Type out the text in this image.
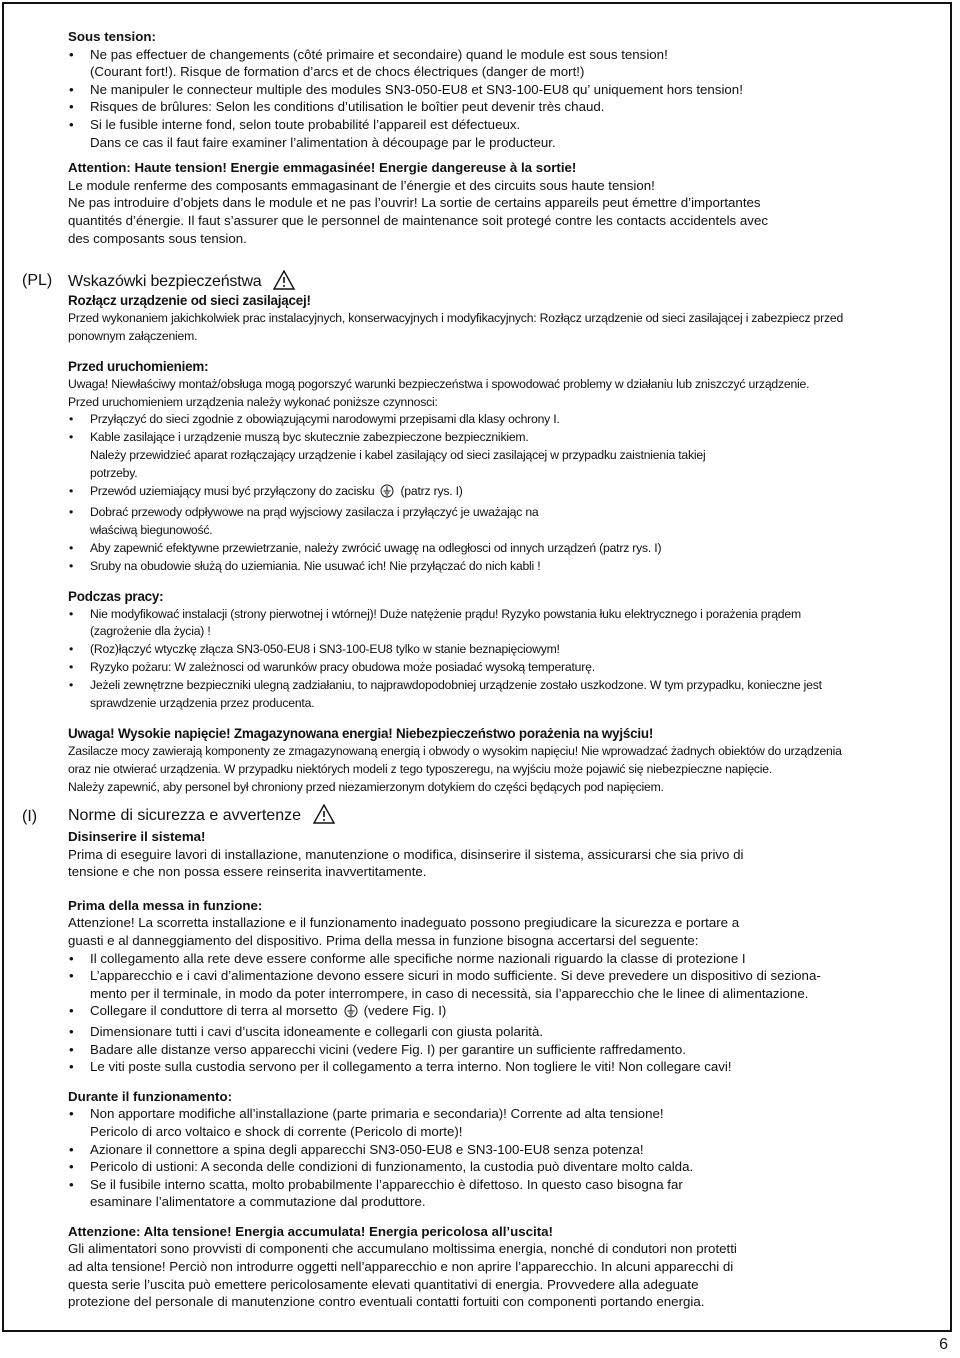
Sous tension:

• Ne pas effectuer de changements (côté primaire et secondaire) quand le module est sous tension!
(Courant fort!). Risque de formation d’arcs et de chocs électriques (danger de mort!)
• Ne manipuler le connecteur multiple des modules SN3-050-EU8 et SN3-100-EU8 qu’ uniquement hors tension!
• Risques de brûlures: Selon les conditions d’utilisation le boîtier peut devenir très chaud.
• Si le fusible interne fond, selon toute probabilité l’appareil est défectueux.
Dans ce cas il faut faire examiner l’alimentation à découpage par le producteur.

Attention: Haute tension! Energie emmagasinée! Energie dangereuse à la sortie!

Le module renferme des composants emmagasinant de l’énergie et des circuits sous haute tension!

Ne pas introduire d’objets dans le module et ne pas l’ouvrir! La sortie de certains appareils peut émettre d’importantes

quantités d’énergie. Il faut s’assurer que le personnel de maintenance soit protegé contre les contacts accidentels avec

des composants sous tension.

(PL) Wskazówki bezpieczeństwa

Rozłącz urządzenie od sieci zasilającej!

Przed wykonaniem jakichkolwiek prac instalacyjnych, konserwacyjnych i modyfikacyjnych: Rozłącz urządzenie od sieci zasilającej i zabezpiecz przed

ponownym załączeniem.

Przed uruchomieniem:

Uwaga! Niewłaściwy montaż/obsługa mogą pogorszyć warunki bezpieczeństwa i spowodować problemy w działaniu lub zniszczyć urządzenie.

Przed uruchomieniem urządzenia należy wykonać poniższe czynnosci:

• Przyłączyć do sieci zgodnie z obowiązującymi narodowymi przepisami dla klasy ochrony I.
• Kable zasilające i urządzenie muszą byc skutecznie zabezpieczone bezpiecznikiem.
Należy przewidzieć aparat rozłączający urządzenie i kabel zasilający od sieci zasilającej w przypadku zaistnienia takiej
potrzeby.
• Przewód uziemiający musi być przyłączony do zacisku (patrz rys. I)
• Dobrać przewody odpływowe na prąd wyjsciowy zasilacza i przyłączyć je uważając na
właściwą biegunowość.
• Aby zapewnić efektywne przewietrzanie, należy zwrócić uwagę na odległosci od innych urządzeń (patrz rys. I)
• Sruby na obudowie służą do uziemiania. Nie usuwać ich! Nie przyłączać do nich kabli !

Podczas pracy:

• Nie modyfikować instalacji (strony pierwotnej i wtórnej)! Duże natężenie prądu! Ryzyko powstania łuku elektrycznego i porażenia prądem
(zagrożenie dla życia) !
• (Roz)łączyć wtyczkę złącza SN3-050-EU8 i SN3-100-EU8 tylko w stanie beznapięciowym!
• Ryzyko pożaru: W zależnosci od warunków pracy obudowa może posiadać wysoką temperaturę.
• Jeżeli zewnętrzne bezpieczniki ulegną zadziałaniu, to najprawdopodobniej urządzenie zostało uszkodzone. W tym przypadku, konieczne jest
sprawdzenie urządzenia przez producenta.

Uwaga! Wysokie napięcie! Zmagazynowana energia! Niebezpieczeństwo porażenia na wyjściu!

Zasilacze mocy zawierają komponenty ze zmagazynowaną energią i obwody o wysokim napięciu! Nie wprowadzać żadnych obiektów do urządzenia

oraz nie otwierać urządzenia. W przypadku niektórych modeli z tego typoszeregu, na wyjściu może pojawić się niebezpieczne napięcie.

Należy zapewnić, aby personel był chroniony przed niezamierzonym dotykiem do części będących pod napięciem.

(I) Norme di sicurezza e avvertenze

Disinserire il sistema!

Prima di eseguire lavori di installazione, manutenzione o modifica, disinserire il sistema, assicurarsi che sia privo di

tensione e che non possa essere reinserita inavvertitamente.

Prima della messa in funzione:

Attenzione! La scorretta installazione e il funzionamento inadeguato possono pregiudicare la sicurezza e portare a

guasti e al danneggiamento del dispositivo. Prima della messa in funzione bisogna accertarsi del seguente:

• Il collegamento alla rete deve essere conforme alle specifiche norme nazionali riguardo la classe di protezione I
• L’apparecchio e i cavi d’alimentazione devono essere sicuri in modo sufficiente. Si deve prevedere un dispositivo di seziona-
mento per il terminale, in modo da poter interrompere, in caso di necessità, sia l’apparecchio che le linee di alimentazione.
• Collegare il conduttore di terra al morsetto (vedere Fig. I)
• Dimensionare tutti i cavi d’uscita idoneamente e collegarli con giusta polarità.
• Badare alle distanze verso apparecchi vicini (vedere Fig. I) per garantire un sufficiente raffredamento.
• Le viti poste sulla custodia servono per il collegamento a terra interno. Non togliere le viti! Non collegare cavi!

Durante il funzionamento:

• Non apportare modifiche all’installazione (parte primaria e secondaria)! Corrente ad alta tensione!
Pericolo di arco voltaico e shock di corrente (Pericolo di morte)!
• Azionare il connettore a spina degli apparecchi SN3-050-EU8 e SN3-100-EU8 senza potenza!
• Pericolo di ustioni: A seconda delle condizioni di funzionamento, la custodia può diventare molto calda.
• Se il fusibile interno scatta, molto probabilmente l’apparecchio è difettoso. In questo caso bisogna far
esaminare l’alimentatore a commutazione dal produttore.

Attenzione: Alta tensione! Energia accumulata! Energia pericolosa all’uscita!

Gli alimentatori sono provvisti di componenti che accumulano moltissima energia, nonché di condutori non protetti

ad alta tensione! Perciò non introdurre oggetti nell’apparecchio e non aprire l’apparecchio. In alcuni apparecchi di

questa serie l’uscita può emettere pericolosamente elevati quantitativi di energia. Provvedere alla adeguate

protezione del personale di manutenzione contro eventuali contatti fortuiti con componenti portando energia.

6
